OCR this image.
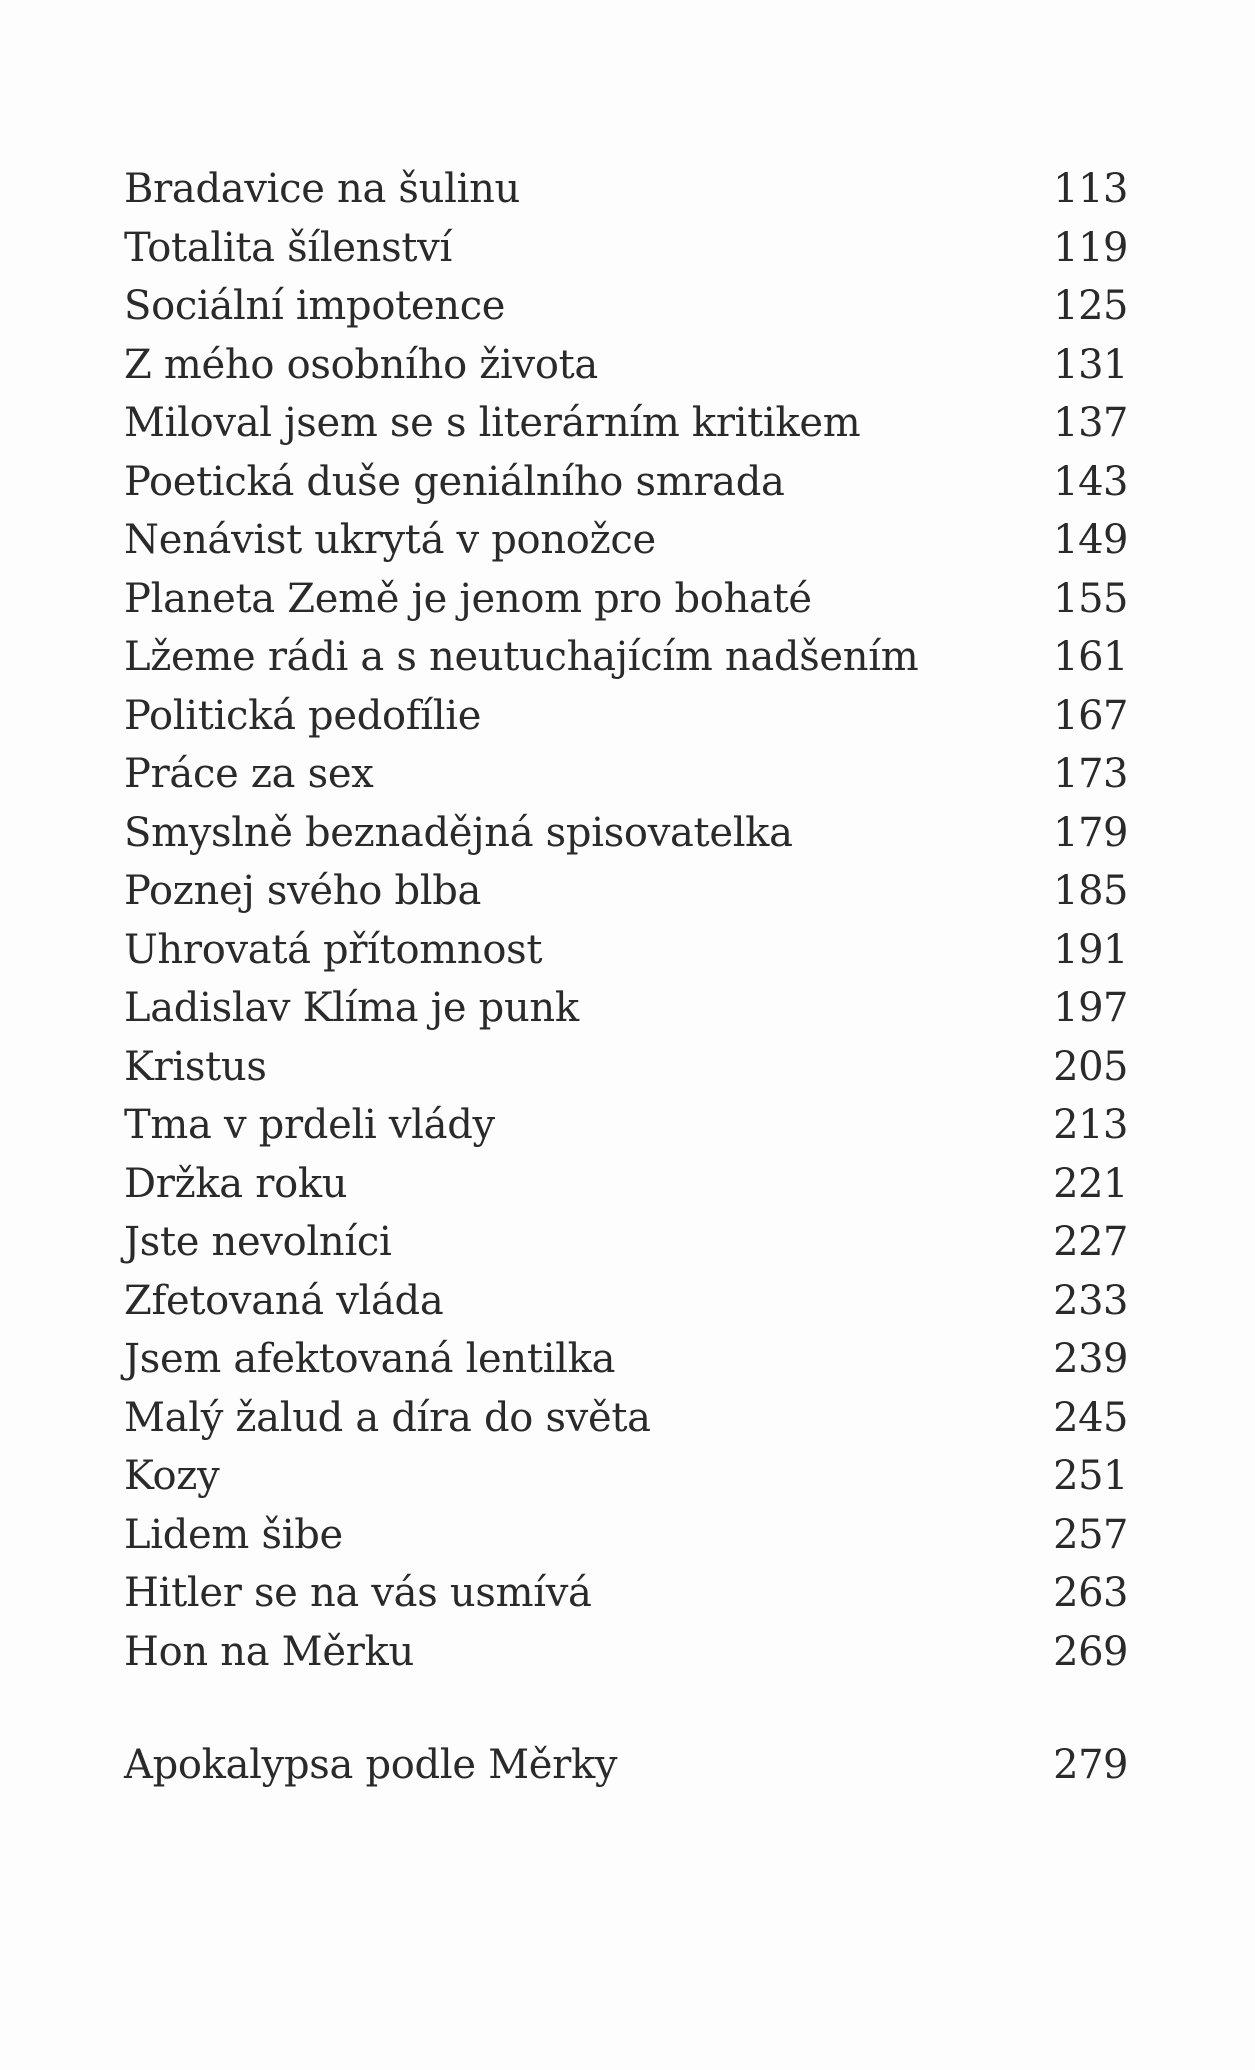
Bradavice na šulinu	113
Totalita šílenství	119
Sociální impotence	125
Z mého osobního života	131
Miloval jsem se s literárním kritikem	137
Poetická duše geniálního smrada	143
Nenávist ukrytá v ponožce	149
Planeta Země je jenom pro bohaté	155
Lžeme rádi a s neutuchajícím nadšením	161
Politická pedofílie	167
Práce za sex	173
Smyslně beznadějná spisovatelka	179
Poznej svého blba	185
Uhrovatá přítomnost	191
Ladislav Klíma je punk	197
Kristus	205
Tma v prdeli vlády	213
Držka roku	221
Jste nevolníci	227
Zfetovaná vláda	233
Jsem afektovaná lentilka	239
Malý žalud a díra do světa	245
Kozy	251
Lidem šibe	257
Hitler se na vás usmívá	263
Hon na Měrku	269
Apokalypsa podle Měrky	279
